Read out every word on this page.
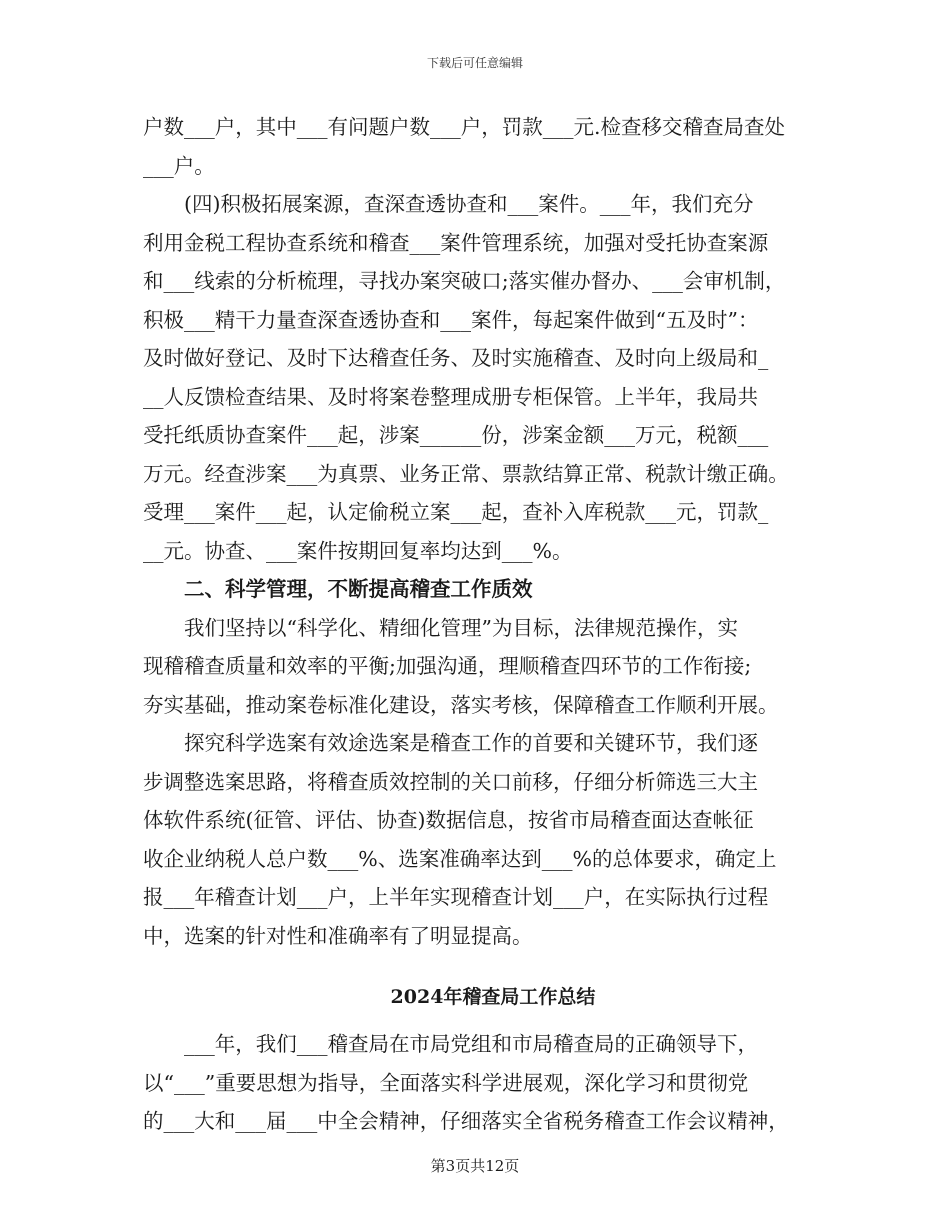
下载后可任意编辑
户数___户，其中___有问题户数___户，罚款___元.检查移交稽查局查处
___户。
(四)积极拓展案源，查深查透协查和___案件。___年，我们充分
利用金税工程协查系统和稽查___案件管理系统，加强对受托协查案源
和___线索的分析梳理，寻找办案突破口;落实催办督办、___会审机制，
积极___精干力量查深查透协查和___案件，每起案件做到“五及时”：
及时做好登记、及时下达稽查任务、及时实施稽查、及时向上级局和_
__人反馈检查结果、及时将案卷整理成册专柜保管。上半年，我局共
受托纸质协查案件___起，涉案______份，涉案金额___万元，税额___
万元。经查涉案___为真票、业务正常、票款结算正常、税款计缴正确。
受理___案件___起，认定偷税立案___起，查补入库税款___元，罚款_
__元。协查、___案件按期回复率均达到___%。
二、科学管理，不断提高稽查工作质效
我们坚持以“科学化、精细化管理”为目标，法律规范操作，实
现稽稽查质量和效率的平衡;加强沟通，理顺稽查四环节的工作衔接;
夯实基础，推动案卷标准化建设，落实考核，保障稽查工作顺利开展。
探究科学选案有效途选案是稽查工作的首要和关键环节，我们逐
步调整选案思路，将稽查质效控制的关口前移，仔细分析筛选三大主
体软件系统(征管、评估、协查)数据信息，按省市局稽查面达查帐征
收企业纳税人总户数___%、选案准确率达到___%的总体要求，确定上
报___年稽查计划___户，上半年实现稽查计划___户，在实际执行过程
中，选案的针对性和准确率有了明显提高。
2024年稽查局工作总结
___年，我们___稽查局在市局党组和市局稽查局的正确领导下，
以“___”重要思想为指导，全面落实科学进展观，深化学习和贯彻党
的___大和___届___中全会精神，仔细落实全省税务稽查工作会议精神，
第3页共12页
